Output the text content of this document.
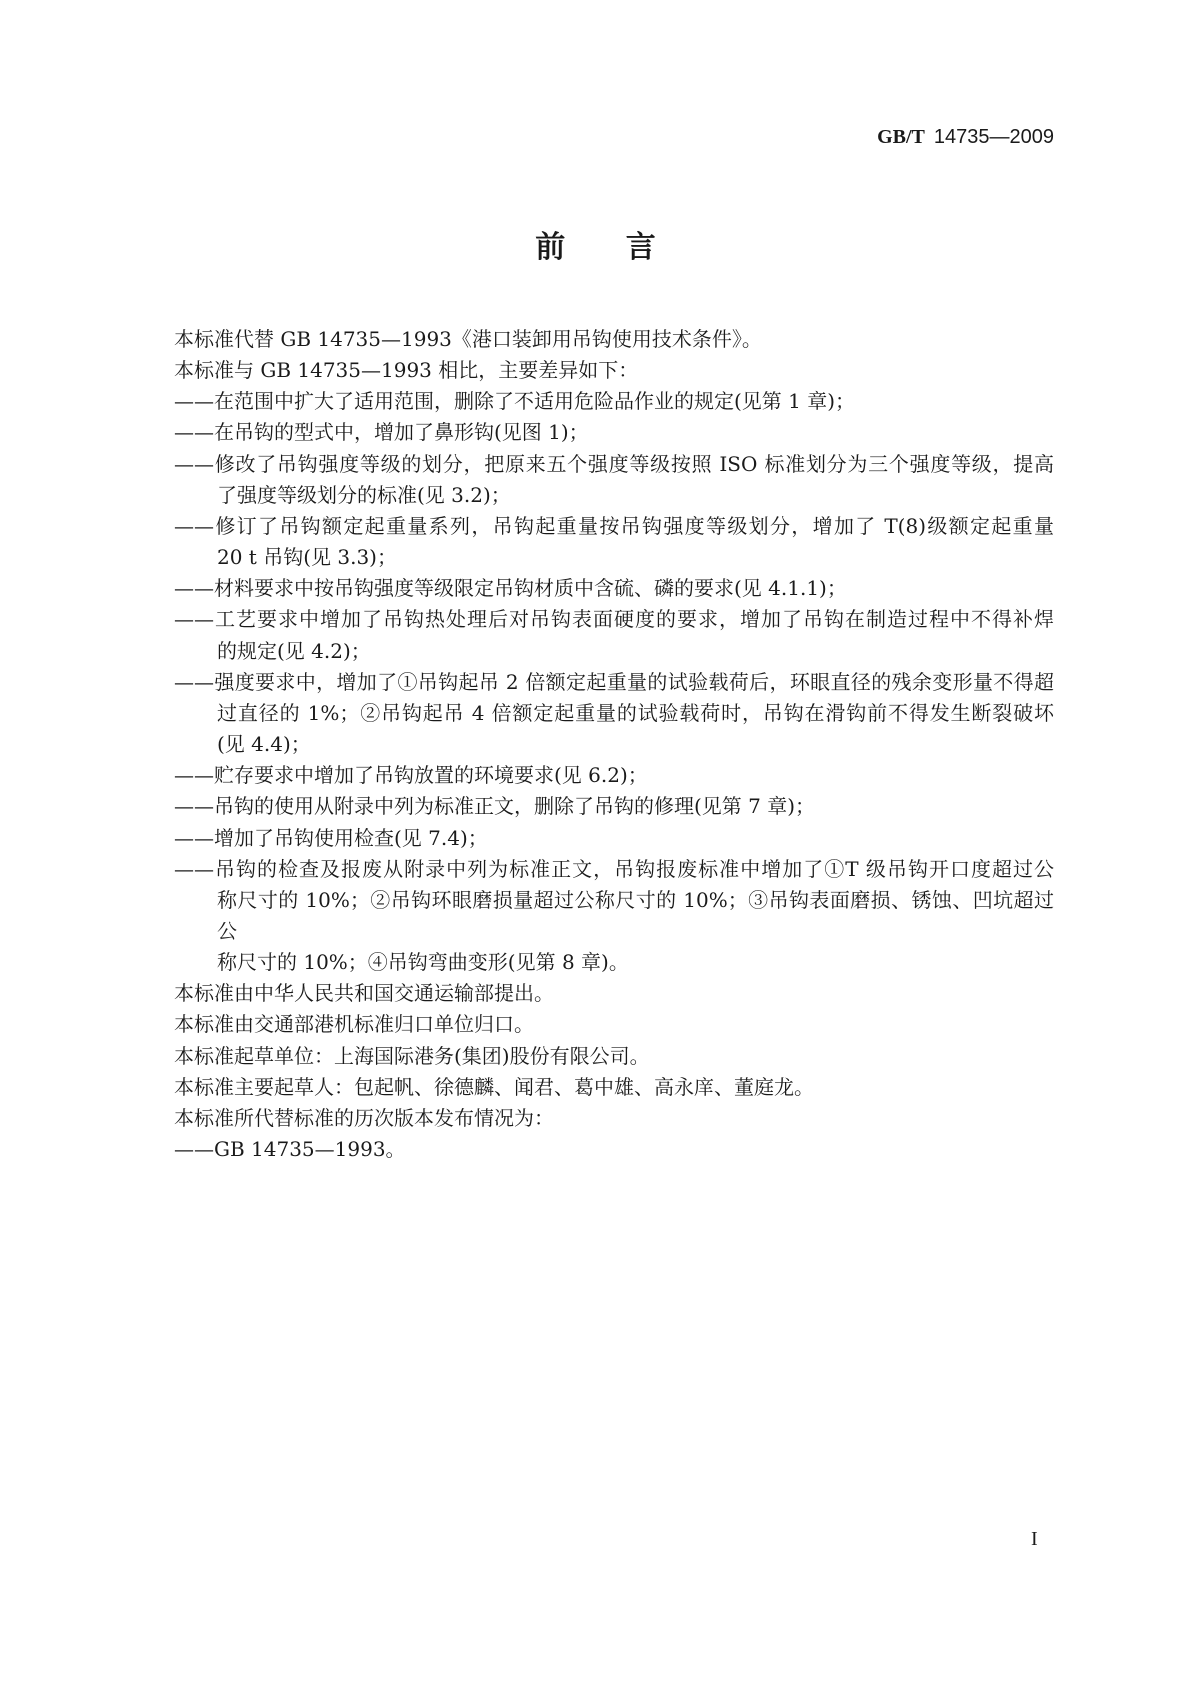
GB/T 14735—2009
前 言
本标准代替 GB 14735—1993《港口装卸用吊钩使用技术条件》。
本标准与 GB 14735—1993 相比，主要差异如下：
——在范围中扩大了适用范围，删除了不适用危险品作业的规定(见第 1 章)；
——在吊钩的型式中，增加了鼻形钩(见图 1)；
——修改了吊钩强度等级的划分，把原来五个强度等级按照 ISO 标准划分为三个强度等级，提高
了强度等级划分的标准(见 3.2)；
——修订了吊钩额定起重量系列，吊钩起重量按吊钩强度等级划分，增加了 T(8)级额定起重量
20 t 吊钩(见 3.3)；
——材料要求中按吊钩强度等级限定吊钩材质中含硫、磷的要求(见 4.1.1)；
——工艺要求中增加了吊钩热处理后对吊钩表面硬度的要求，增加了吊钩在制造过程中不得补焊
的规定(见 4.2)；
——强度要求中，增加了①吊钩起吊 2 倍额定起重量的试验载荷后，环眼直径的残余变形量不得超
过直径的 1%；②吊钩起吊 4 倍额定起重量的试验载荷时，吊钩在滑钩前不得发生断裂破坏
(见 4.4)；
——贮存要求中增加了吊钩放置的环境要求(见 6.2)；
——吊钩的使用从附录中列为标准正文，删除了吊钩的修理(见第 7 章)；
——增加了吊钩使用检查(见 7.4)；
——吊钩的检查及报废从附录中列为标准正文，吊钩报废标准中增加了①T 级吊钩开口度超过公
称尺寸的 10%；②吊钩环眼磨损量超过公称尺寸的 10%；③吊钩表面磨损、锈蚀、凹坑超过公
称尺寸的 10%；④吊钩弯曲变形(见第 8 章)。
本标准由中华人民共和国交通运输部提出。
本标准由交通部港机标准归口单位归口。
本标准起草单位：上海国际港务(集团)股份有限公司。
本标准主要起草人：包起帆、徐德麟、闻君、葛中雄、高永庠、董庭龙。
本标准所代替标准的历次版本发布情况为：
——GB 14735—1993。
I
